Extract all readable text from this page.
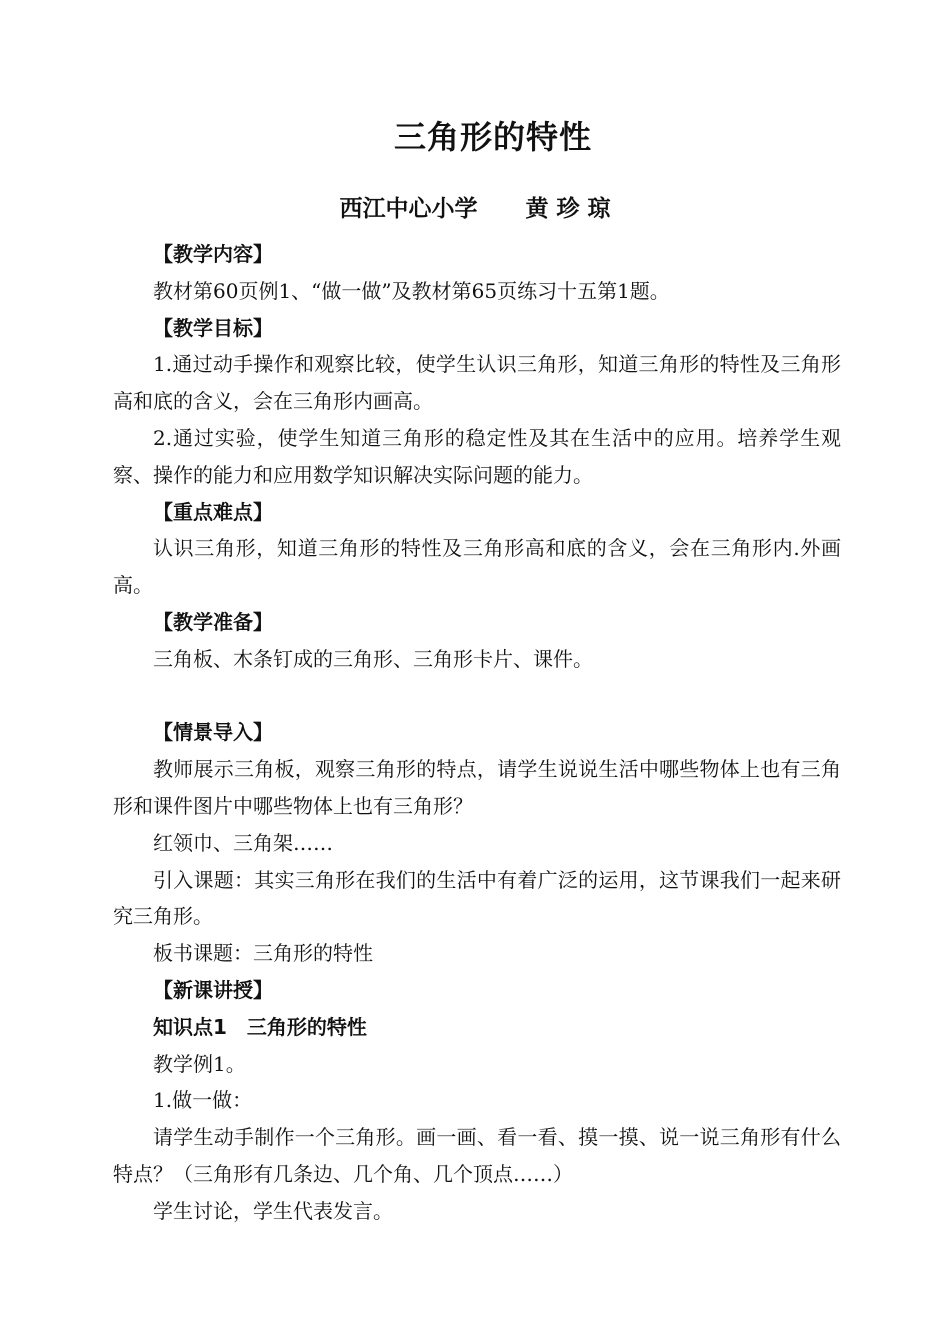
三角形的特性
西江中心小学      黄 珍 琼

【教学内容】

教材第60页例1、“做一做”及教材第65页练习十五第1题。

【教学目标】

1.通过动手操作和观察比较，使学生认识三角形，知道三角形的特性及三角形高和底的含义，会在三角形内画高。

2.通过实验，使学生知道三角形的稳定性及其在生活中的应用。培养学生观察、操作的能力和应用数学知识解决实际问题的能力。

【重点难点】

认识三角形，知道三角形的特性及三角形高和底的含义，会在三角形内.外画高。

【教学准备】

三角板、木条钉成的三角形、三角形卡片、课件。

【情景导入】

教师展示三角板，观察三角形的特点，请学生说说生活中哪些物体上也有三角形和课件图片中哪些物体上也有三角形？

红领巾、三角架……

引入课题：其实三角形在我们的生活中有着广泛的运用，这节课我们一起来研究三角形。

板书课题：三角形的特性

【新课讲授】

知识点1　三角形的特性

教学例1。

1.做一做：

请学生动手制作一个三角形。画一画、看一看、摸一摸、说一说三角形有什么特点？（三角形有几条边、几个角、几个顶点……）

学生讨论，学生代表发言。
